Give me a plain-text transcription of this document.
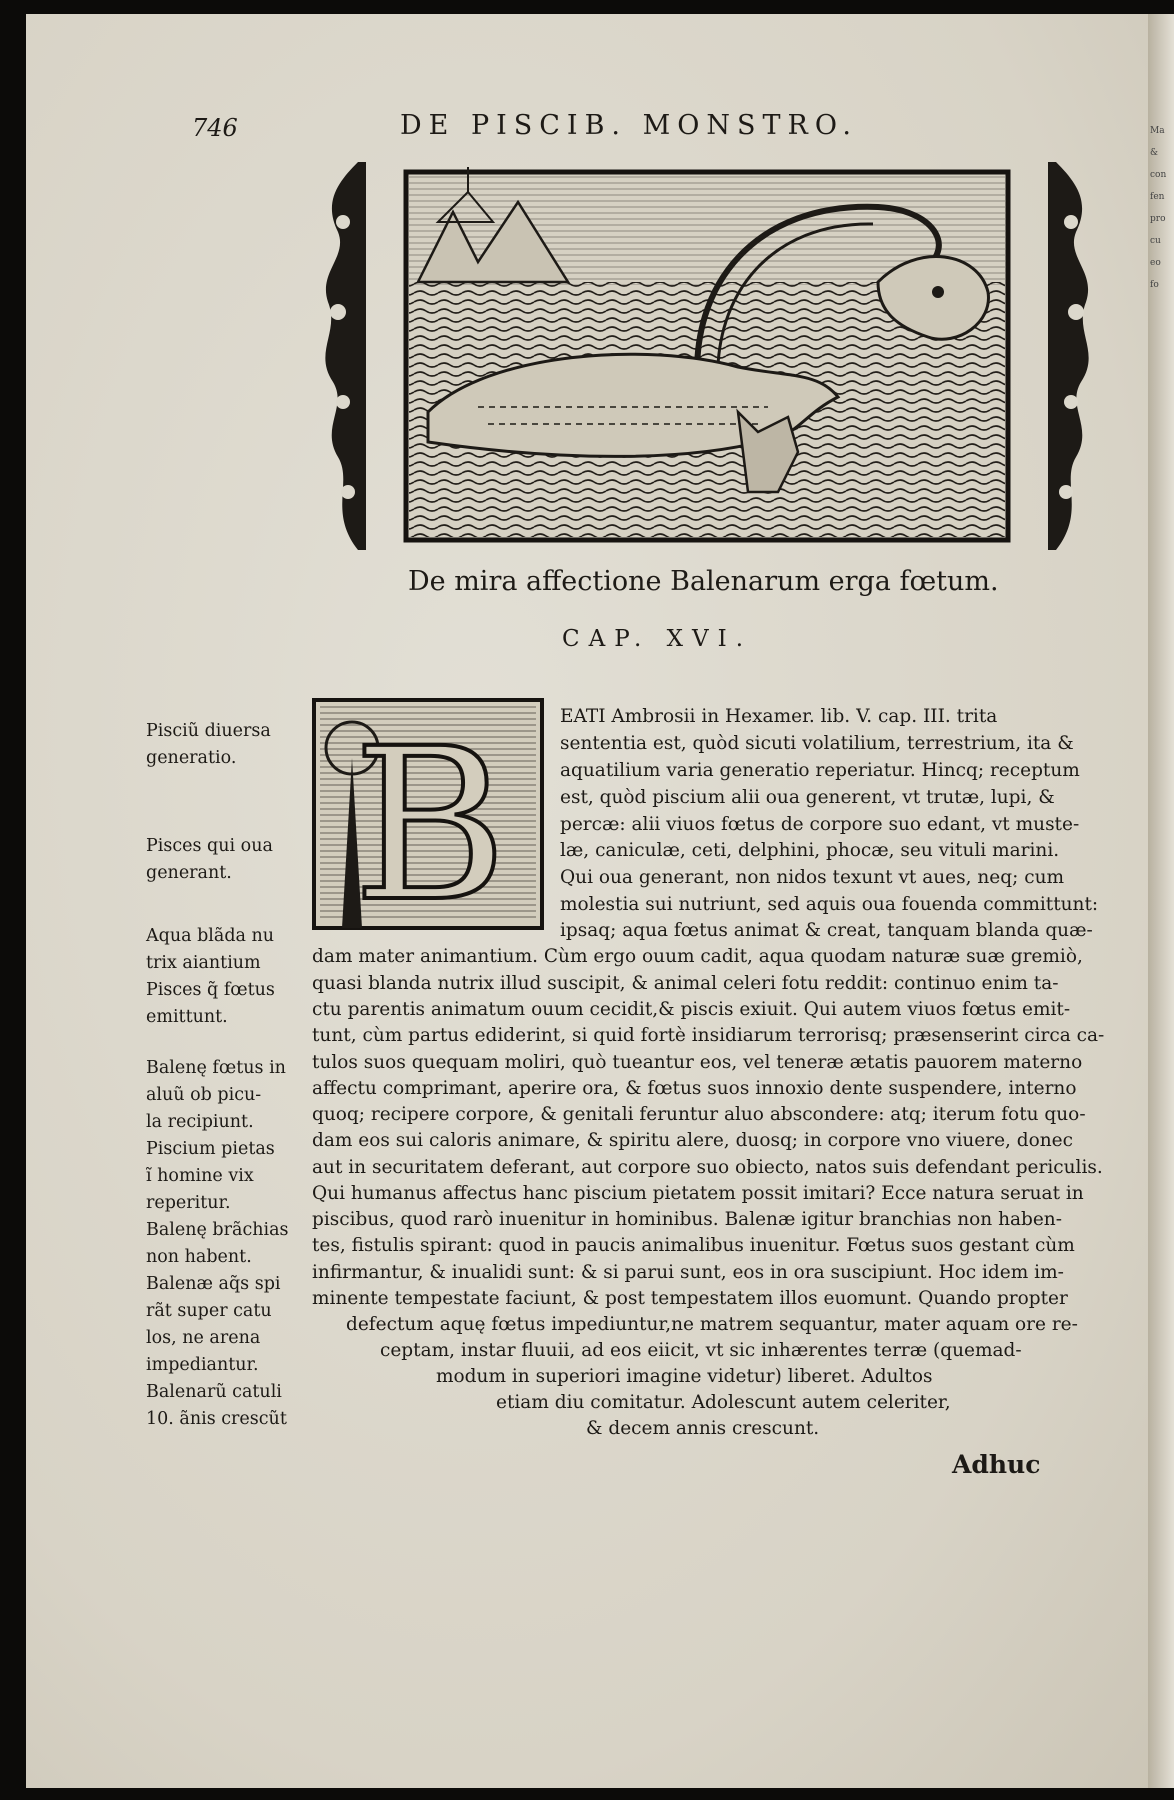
Ma
&
con
fen
pro
cu
eo
fo
746	DE PISCIB. MONSTRO.
De mira affectione Balenarum erga fœtum.
CAP. XVI.
Pisciũ diuersa
generatio.
Pisces qui oua
generant.
Aqua blãda nu
trix aiantium
Pisces q̃ fœtus
emittunt.
Balenę fœtus in
aluũ ob picu-
la recipiunt.
Piscium pietas
ĩ homine vix
reperitur.
Balenę brãchias
non habent.
Balenæ aq̃s spi
rãt super catu
los, ne arena
impediantur.
Balenarũ catuli
10. ãnis crescũt
B	EATI Ambrosii in Hexamer. lib. V. cap. III. trita
sententia est, quòd sicuti volatilium, terrestrium, ita &
aquatilium varia generatio reperiatur. Hincq; receptum
est, quòd piscium alii oua generent, vt trutæ, lupi, &
percæ: alii viuos fœtus de corpore suo edant, vt muste-
læ, caniculæ, ceti, delphini, phocæ, seu vituli marini.
Qui oua generant, non nidos texunt vt aues, neq; cum
molestia sui nutriunt, sed aquis oua fouenda committunt:
ipsaq; aqua fœtus animat & creat, tanquam blanda quæ-
dam mater animantium. Cùm ergo ouum cadit, aqua quodam naturæ suæ gremiò,
quasi blanda nutrix illud suscipit, & animal celeri fotu reddit: continuo enim ta-
ctu parentis animatum ouum cecidit,& piscis exiuit. Qui autem viuos fœtus emit-
tunt, cùm partus ediderint, si quid fortè insidiarum terrorisq; præsenserint circa ca-
tulos suos quequam moliri, quò tueantur eos, vel teneræ ætatis pauorem materno
affectu comprimant, aperire ora, & fœtus suos innoxio dente suspendere, interno
quoq; recipere corpore, & genitali feruntur aluo abscondere: atq; iterum fotu quo-
dam eos sui caloris animare, & spiritu alere, duosq; in corpore vno viuere, donec
aut in securitatem deferant, aut corpore suo obiecto, natos suis defendant periculis.
Qui humanus affectus hanc piscium pietatem possit imitari? Ecce natura seruat in
piscibus, quod rarò inuenitur in hominibus. Balenæ igitur branchias non haben-
tes, fistulis spirant: quod in paucis animalibus inuenitur. Fœtus suos gestant cùm
infirmantur, & inualidi sunt: & si parui sunt, eos in ora suscipiunt. Hoc idem im-
minente tempestate faciunt, & post tempestatem illos euomunt. Quando propter
defectum aquę fœtus impediuntur,ne matrem sequantur, mater aquam ore re-
ceptam, instar fluuii, ad eos eiicit, vt sic inhærentes terræ (quemad-
modum in superiori imagine videtur) liberet. Adultos
etiam diu comitatur. Adolescunt autem celeriter,
& decem annis crescunt.
Adhuc
